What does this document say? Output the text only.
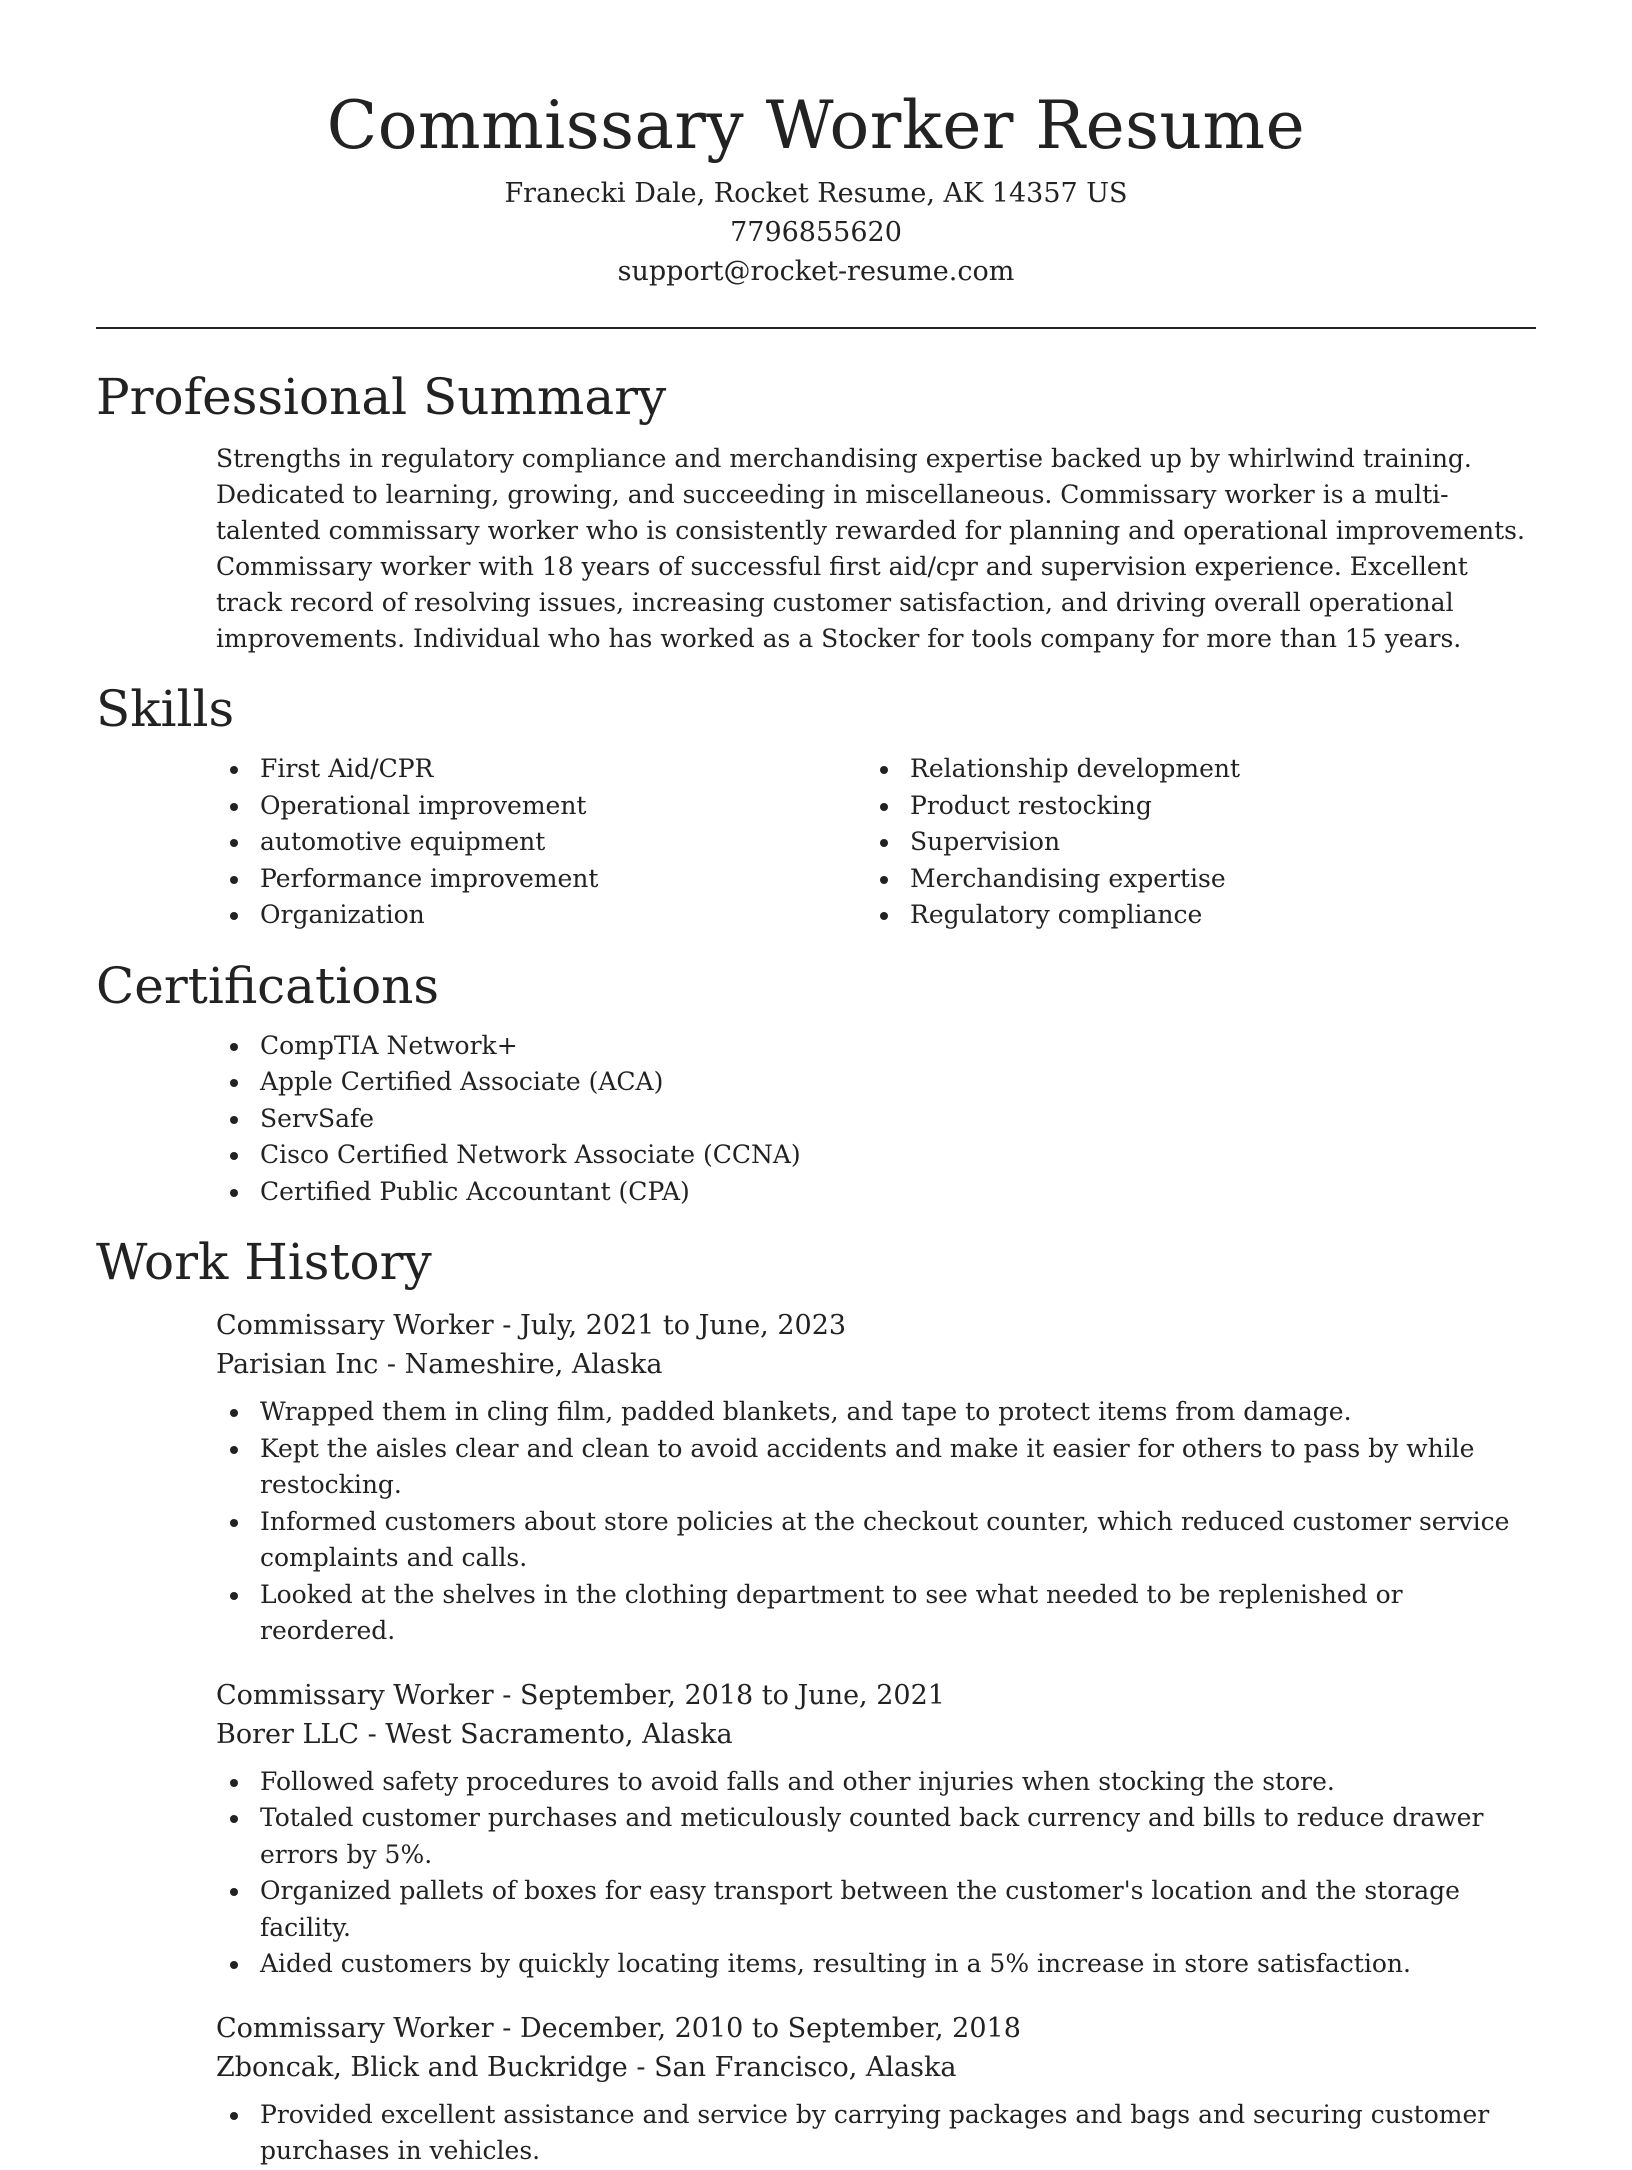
Commissary Worker Resume

Franecki Dale, Rocket Resume, AK 14357 US

7796855620

support@rocket-resume.com

Professional Summary

Strengths in regulatory compliance and merchandising expertise backed up by whirlwind training. Dedicated to learning, growing, and succeeding in miscellaneous. Commissary worker is a multi-talented commissary worker who is consistently rewarded for planning and operational improvements. Commissary worker with 18 years of successful first aid/cpr and supervision experience. Excellent track record of resolving issues, increasing customer satisfaction, and driving overall operational improvements. Individual who has worked as a Stocker for tools company for more than 15 years.

Skills
First Aid/CPR
Operational improvement
automotive equipment
Performance improvement
Organization
Relationship development
Product restocking
Supervision
Merchandising expertise
Regulatory compliance
Certifications
CompTIA Network+
Apple Certified Associate (ACA)
ServSafe
Cisco Certified Network Associate (CCNA)
Certified Public Accountant (CPA)
Work History

Commissary Worker - July, 2021 to June, 2023

Parisian Inc - Nameshire, Alaska

Wrapped them in cling film, padded blankets, and tape to protect items from damage.
Kept the aisles clear and clean to avoid accidents and make it easier for others to pass by while restocking.
Informed customers about store policies at the checkout counter, which reduced customer service complaints and calls.
Looked at the shelves in the clothing department to see what needed to be replenished or reordered.

Commissary Worker - September, 2018 to June, 2021

Borer LLC - West Sacramento, Alaska

Followed safety procedures to avoid falls and other injuries when stocking the store.
Totaled customer purchases and meticulously counted back currency and bills to reduce drawer errors by 5%.
Organized pallets of boxes for easy transport between the customer's location and the storage facility.
Aided customers by quickly locating items, resulting in a 5% increase in store satisfaction.

Commissary Worker - December, 2010 to September, 2018

Zboncak, Blick and Buckridge - San Francisco, Alaska

Provided excellent assistance and service by carrying packages and bags and securing customer purchases in vehicles.
